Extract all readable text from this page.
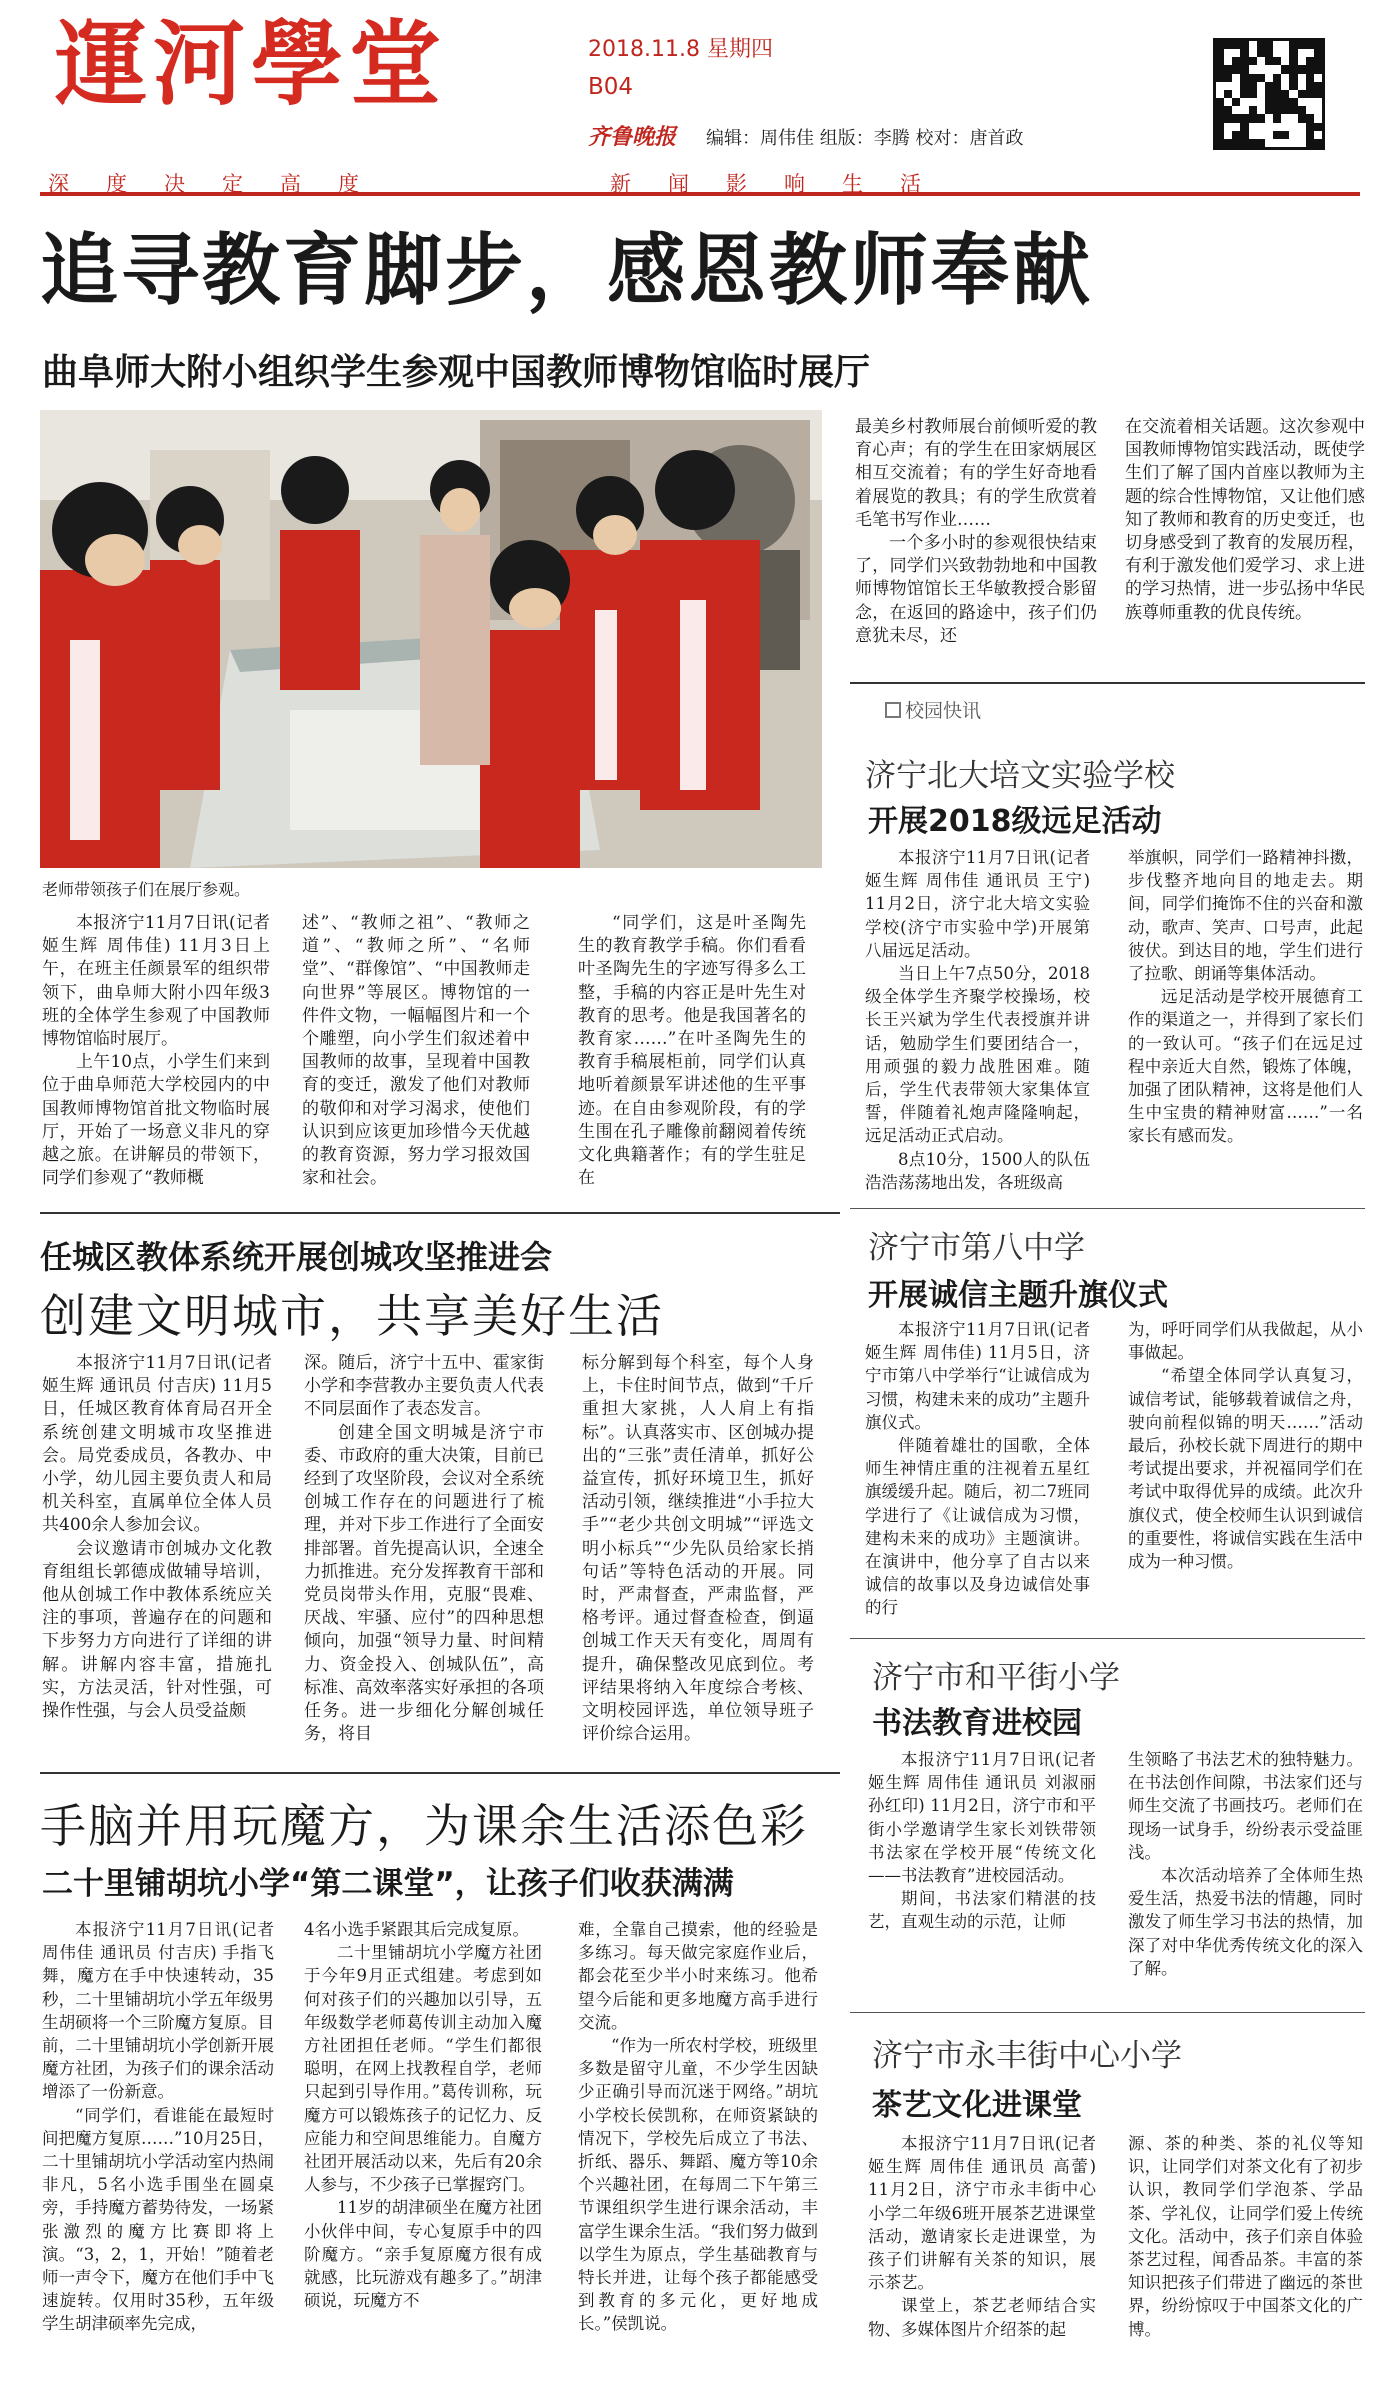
運河學堂	2018.11.8 星期四
B04
齐鲁晚报 编辑：周伟佳 组版：李腾 校对：唐首政
深度决定高度	新闻影响生活
追寻教育脚步，感恩教师奉献
曲阜师大附小组织学生参观中国教师博物馆临时展厅
老师带领孩子们在展厅参观。

本报济宁11月7日讯(记者 姬生辉 周伟佳) 11月3日上午，在班主任颜景军的组织带领下，曲阜师大附小四年级3班的全体学生参观了中国教师博物馆临时展厅。

上午10点，小学生们来到位于曲阜师范大学校园内的中国教师博物馆首批文物临时展厅，开始了一场意义非凡的穿越之旅。在讲解员的带领下，同学们参观了“教师概

述”、“教师之祖”、“教师之道”、“教师之所”、“名师堂”、“群像馆”、“中国教师走向世界”等展区。博物馆的一件件文物，一幅幅图片和一个个雕塑，向小学生们叙述着中国教师的故事，呈现着中国教育的变迁，激发了他们对教师的敬仰和对学习渴求，使他们认识到应该更加珍惜今天优越的教育资源，努力学习报效国家和社会。

“同学们，这是叶圣陶先生的教育教学手稿。你们看看叶圣陶先生的字迹写得多么工整，手稿的内容正是叶先生对教育的思考。他是我国著名的教育家……”在叶圣陶先生的教育手稿展柜前，同学们认真地听着颜景军讲述他的生平事迹。在自由参观阶段，有的学生围在孔子雕像前翻阅着传统文化典籍著作；有的学生驻足在

最美乡村教师展台前倾听爱的教育心声；有的学生在田家炳展区相互交流着；有的学生好奇地看着展览的教具；有的学生欣赏着毛笔书写作业……

一个多小时的参观很快结束了，同学们兴致勃勃地和中国教师博物馆馆长王华敏教授合影留念，在返回的路途中，孩子们仍意犹未尽，还

在交流着相关话题。这次参观中国教师博物馆实践活动，既使学生们了解了国内首座以教师为主题的综合性博物馆，又让他们感知了教师和教育的历史变迁，也切身感受到了教育的发展历程，有利于激发他们爱学习、求上进的学习热情，进一步弘扬中华民族尊师重教的优良传统。

校园快讯
济宁北大培文实验学校
开展2018级远足活动

本报济宁11月7日讯(记者 姬生辉 周伟佳 通讯员 王宁) 11月2日，济宁北大培文实验学校(济宁市实验中学)开展第八届远足活动。

当日上午7点50分，2018级全体学生齐聚学校操场，校长王兴斌为学生代表授旗并讲话，勉励学生们要团结合一，用顽强的毅力战胜困难。随后，学生代表带领大家集体宣誓，伴随着礼炮声隆隆响起，远足活动正式启动。

8点10分，1500人的队伍浩浩荡荡地出发，各班级高

举旗帜，同学们一路精神抖擞，步伐整齐地向目的地走去。期间，同学们掩饰不住的兴奋和激动，歌声、笑声、口号声，此起彼伏。到达目的地，学生们进行了拉歌、朗诵等集体活动。

远足活动是学校开展德育工作的渠道之一，并得到了家长们的一致认可。“孩子们在远足过程中亲近大自然，锻炼了体魄，加强了团队精神，这将是他们人生中宝贵的精神财富……”一名家长有感而发。

济宁市第八中学
开展诚信主题升旗仪式

本报济宁11月7日讯(记者 姬生辉 周伟佳) 11月5日，济宁市第八中学举行“让诚信成为习惯，构建未来的成功”主题升旗仪式。

伴随着雄壮的国歌，全体师生神情庄重的注视着五星红旗缓缓升起。随后，初二7班同学进行了《让诚信成为习惯，建构未来的成功》主题演讲。在演讲中，他分享了自古以来诚信的故事以及身边诚信处事的行

为，呼吁同学们从我做起，从小事做起。

“希望全体同学认真复习，诚信考试，能够载着诚信之舟，驶向前程似锦的明天……”活动最后，孙校长就下周进行的期中考试提出要求，并祝福同学们在考试中取得优异的成绩。此次升旗仪式，使全校师生认识到诚信的重要性，将诚信实践在生活中成为一种习惯。

济宁市和平街小学
书法教育进校园

本报济宁11月7日讯(记者 姬生辉 周伟佳 通讯员 刘淑丽 孙红印) 11月2日，济宁市和平街小学邀请学生家长刘铁带领书法家在学校开展“传统文化——书法教育”进校园活动。

期间，书法家们精湛的技艺，直观生动的示范，让师

生领略了书法艺术的独特魅力。在书法创作间隙，书法家们还与师生交流了书画技巧。老师们在现场一试身手，纷纷表示受益匪浅。

本次活动培养了全体师生热爱生活，热爱书法的情趣，同时激发了师生学习书法的热情，加深了对中华优秀传统文化的深入了解。

济宁市永丰街中心小学
茶艺文化进课堂

本报济宁11月7日讯(记者 姬生辉 周伟佳 通讯员 高蕾) 11月2日，济宁市永丰街中心小学二年级6班开展茶艺进课堂活动，邀请家长走进课堂，为孩子们讲解有关茶的知识，展示茶艺。

课堂上，茶艺老师结合实物、多媒体图片介绍茶的起

源、茶的种类、茶的礼仪等知识，让同学们对茶文化有了初步认识，教同学们学泡茶、学品茶、学礼仪，让同学们爱上传统文化。活动中，孩子们亲自体验茶艺过程，闻香品茶。丰富的茶知识把孩子们带进了幽远的茶世界，纷纷惊叹于中国茶文化的广博。

任城区教体系统开展创城攻坚推进会
创建文明城市，共享美好生活

本报济宁11月7日讯(记者 姬生辉 通讯员 付吉庆) 11月5日，任城区教育体育局召开全系统创建文明城市攻坚推进会。局党委成员，各教办、中小学，幼儿园主要负责人和局机关科室，直属单位全体人员共400余人参加会议。

会议邀请市创城办文化教育组组长郭德成做辅导培训，他从创城工作中教体系统应关注的事项，普遍存在的问题和下步努力方向进行了详细的讲解。讲解内容丰富，措施扎实，方法灵活，针对性强，可操作性强，与会人员受益颇

深。随后，济宁十五中、霍家街小学和李营教办主要负责人代表不同层面作了表态发言。

创建全国文明城是济宁市委、市政府的重大决策，目前已经到了攻坚阶段，会议对全系统创城工作存在的问题进行了梳理，并对下步工作进行了全面安排部署。首先提高认识，全速全力抓推进。充分发挥教育干部和党员岗带头作用，克服“畏难、厌战、牢骚、应付”的四种思想倾向，加强“领导力量、时间精力、资金投入、创城队伍”，高标准、高效率落实好承担的各项任务。进一步细化分解创城任务，将目

标分解到每个科室，每个人身上，卡住时间节点，做到“千斤重担大家挑，人人肩上有指标”。认真落实市、区创城办提出的“三张”责任清单，抓好公益宣传，抓好环境卫生，抓好活动引领，继续推进“小手拉大手”“老少共创文明城”“评选文明小标兵”“少先队员给家长捎句话”等特色活动的开展。同时，严肃督查，严肃监督，严格考评。通过督查检查，倒逼创城工作天天有变化，周周有提升，确保整改见底到位。考评结果将纳入年度综合考核、文明校园评选，单位领导班子评价综合运用。

手脑并用玩魔方，为课余生活添色彩
二十里铺胡坑小学“第二课堂”，让孩子们收获满满

本报济宁11月7日讯(记者 周伟佳 通讯员 付吉庆) 手指飞舞，魔方在手中快速转动，35秒，二十里铺胡坑小学五年级男生胡硕将一个三阶魔方复原。目前，二十里铺胡坑小学创新开展魔方社团，为孩子们的课余活动增添了一份新意。

“同学们，看谁能在最短时间把魔方复原……”10月25日，二十里铺胡坑小学活动室内热闹非凡，5名小选手围坐在圆桌旁，手持魔方蓄势待发，一场紧张激烈的魔方比赛即将上演。“3，2，1，开始！”随着老师一声令下，魔方在他们手中飞速旋转。仅用时35秒，五年级学生胡津硕率先完成，

4名小选手紧跟其后完成复原。

二十里铺胡坑小学魔方社团于今年9月正式组建。考虑到如何对孩子们的兴趣加以引导，五年级数学老师葛传训主动加入魔方社团担任老师。“学生们都很聪明，在网上找教程自学，老师只起到引导作用。”葛传训称，玩魔方可以锻炼孩子的记忆力、反应能力和空间思维能力。自魔方社团开展活动以来，先后有20余人参与，不少孩子已掌握窍门。

11岁的胡津硕坐在魔方社团小伙伴中间，专心复原手中的四阶魔方。“亲手复原魔方很有成就感，比玩游戏有趣多了。”胡津硕说，玩魔方不

难，全靠自己摸索，他的经验是多练习。每天做完家庭作业后，都会花至少半小时来练习。他希望今后能和更多地魔方高手进行交流。

“作为一所农村学校，班级里多数是留守儿童，不少学生因缺少正确引导而沉迷于网络。”胡坑小学校长侯凯称，在师资紧缺的情况下，学校先后成立了书法、折纸、器乐、舞蹈、魔方等10余个兴趣社团，在每周二下午第三节课组织学生进行课余活动，丰富学生课余生活。“我们努力做到以学生为原点，学生基础教育与特长并进，让每个孩子都能感受到教育的多元化，更好地成长。”侯凯说。
